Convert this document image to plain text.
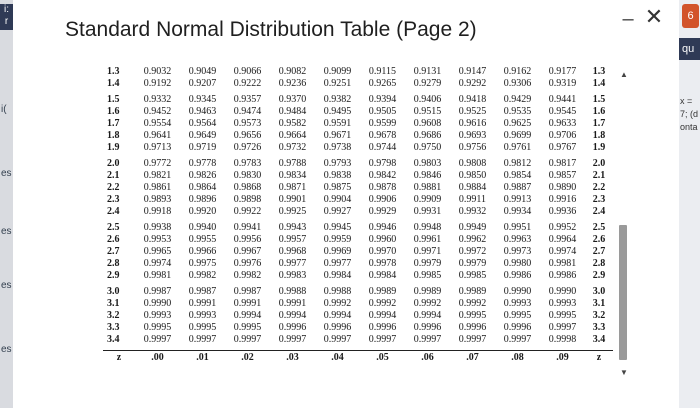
i:
r
i(
es
es
es
es
6
qu
x =
7; (d
onta
Standard Normal Distribution Table (Page 2)	– ✕
1.3	0.9032	0.9049	0.9066	0.9082	0.9099	0.9115	0.9131	0.9147	0.9162	0.9177	1.3
1.4	0.9192	0.9207	0.9222	0.9236	0.9251	0.9265	0.9279	0.9292	0.9306	0.9319	1.4

1.5	0.9332	0.9345	0.9357	0.9370	0.9382	0.9394	0.9406	0.9418	0.9429	0.9441	1.5
1.6	0.9452	0.9463	0.9474	0.9484	0.9495	0.9505	0.9515	0.9525	0.9535	0.9545	1.6
1.7	0.9554	0.9564	0.9573	0.9582	0.9591	0.9599	0.9608	0.9616	0.9625	0.9633	1.7
1.8	0.9641	0.9649	0.9656	0.9664	0.9671	0.9678	0.9686	0.9693	0.9699	0.9706	1.8
1.9	0.9713	0.9719	0.9726	0.9732	0.9738	0.9744	0.9750	0.9756	0.9761	0.9767	1.9

2.0	0.9772	0.9778	0.9783	0.9788	0.9793	0.9798	0.9803	0.9808	0.9812	0.9817	2.0
2.1	0.9821	0.9826	0.9830	0.9834	0.9838	0.9842	0.9846	0.9850	0.9854	0.9857	2.1
2.2	0.9861	0.9864	0.9868	0.9871	0.9875	0.9878	0.9881	0.9884	0.9887	0.9890	2.2
2.3	0.9893	0.9896	0.9898	0.9901	0.9904	0.9906	0.9909	0.9911	0.9913	0.9916	2.3
2.4	0.9918	0.9920	0.9922	0.9925	0.9927	0.9929	0.9931	0.9932	0.9934	0.9936	2.4

2.5	0.9938	0.9940	0.9941	0.9943	0.9945	0.9946	0.9948	0.9949	0.9951	0.9952	2.5
2.6	0.9953	0.9955	0.9956	0.9957	0.9959	0.9960	0.9961	0.9962	0.9963	0.9964	2.6
2.7	0.9965	0.9966	0.9967	0.9968	0.9969	0.9970	0.9971	0.9972	0.9973	0.9974	2.7
2.8	0.9974	0.9975	0.9976	0.9977	0.9977	0.9978	0.9979	0.9979	0.9980	0.9981	2.8
2.9	0.9981	0.9982	0.9982	0.9983	0.9984	0.9984	0.9985	0.9985	0.9986	0.9986	2.9

3.0	0.9987	0.9987	0.9987	0.9988	0.9988	0.9989	0.9989	0.9989	0.9990	0.9990	3.0
3.1	0.9990	0.9991	0.9991	0.9991	0.9992	0.9992	0.9992	0.9992	0.9993	0.9993	3.1
3.2	0.9993	0.9993	0.9994	0.9994	0.9994	0.9994	0.9994	0.9995	0.9995	0.9995	3.2
3.3	0.9995	0.9995	0.9995	0.9996	0.9996	0.9996	0.9996	0.9996	0.9996	0.9997	3.3
3.4	0.9997	0.9997	0.9997	0.9997	0.9997	0.9997	0.9997	0.9997	0.9997	0.9998	3.4

z	.00	.01	.02	.03	.04	.05	.06	.07	.08	.09	z
▲
▼
